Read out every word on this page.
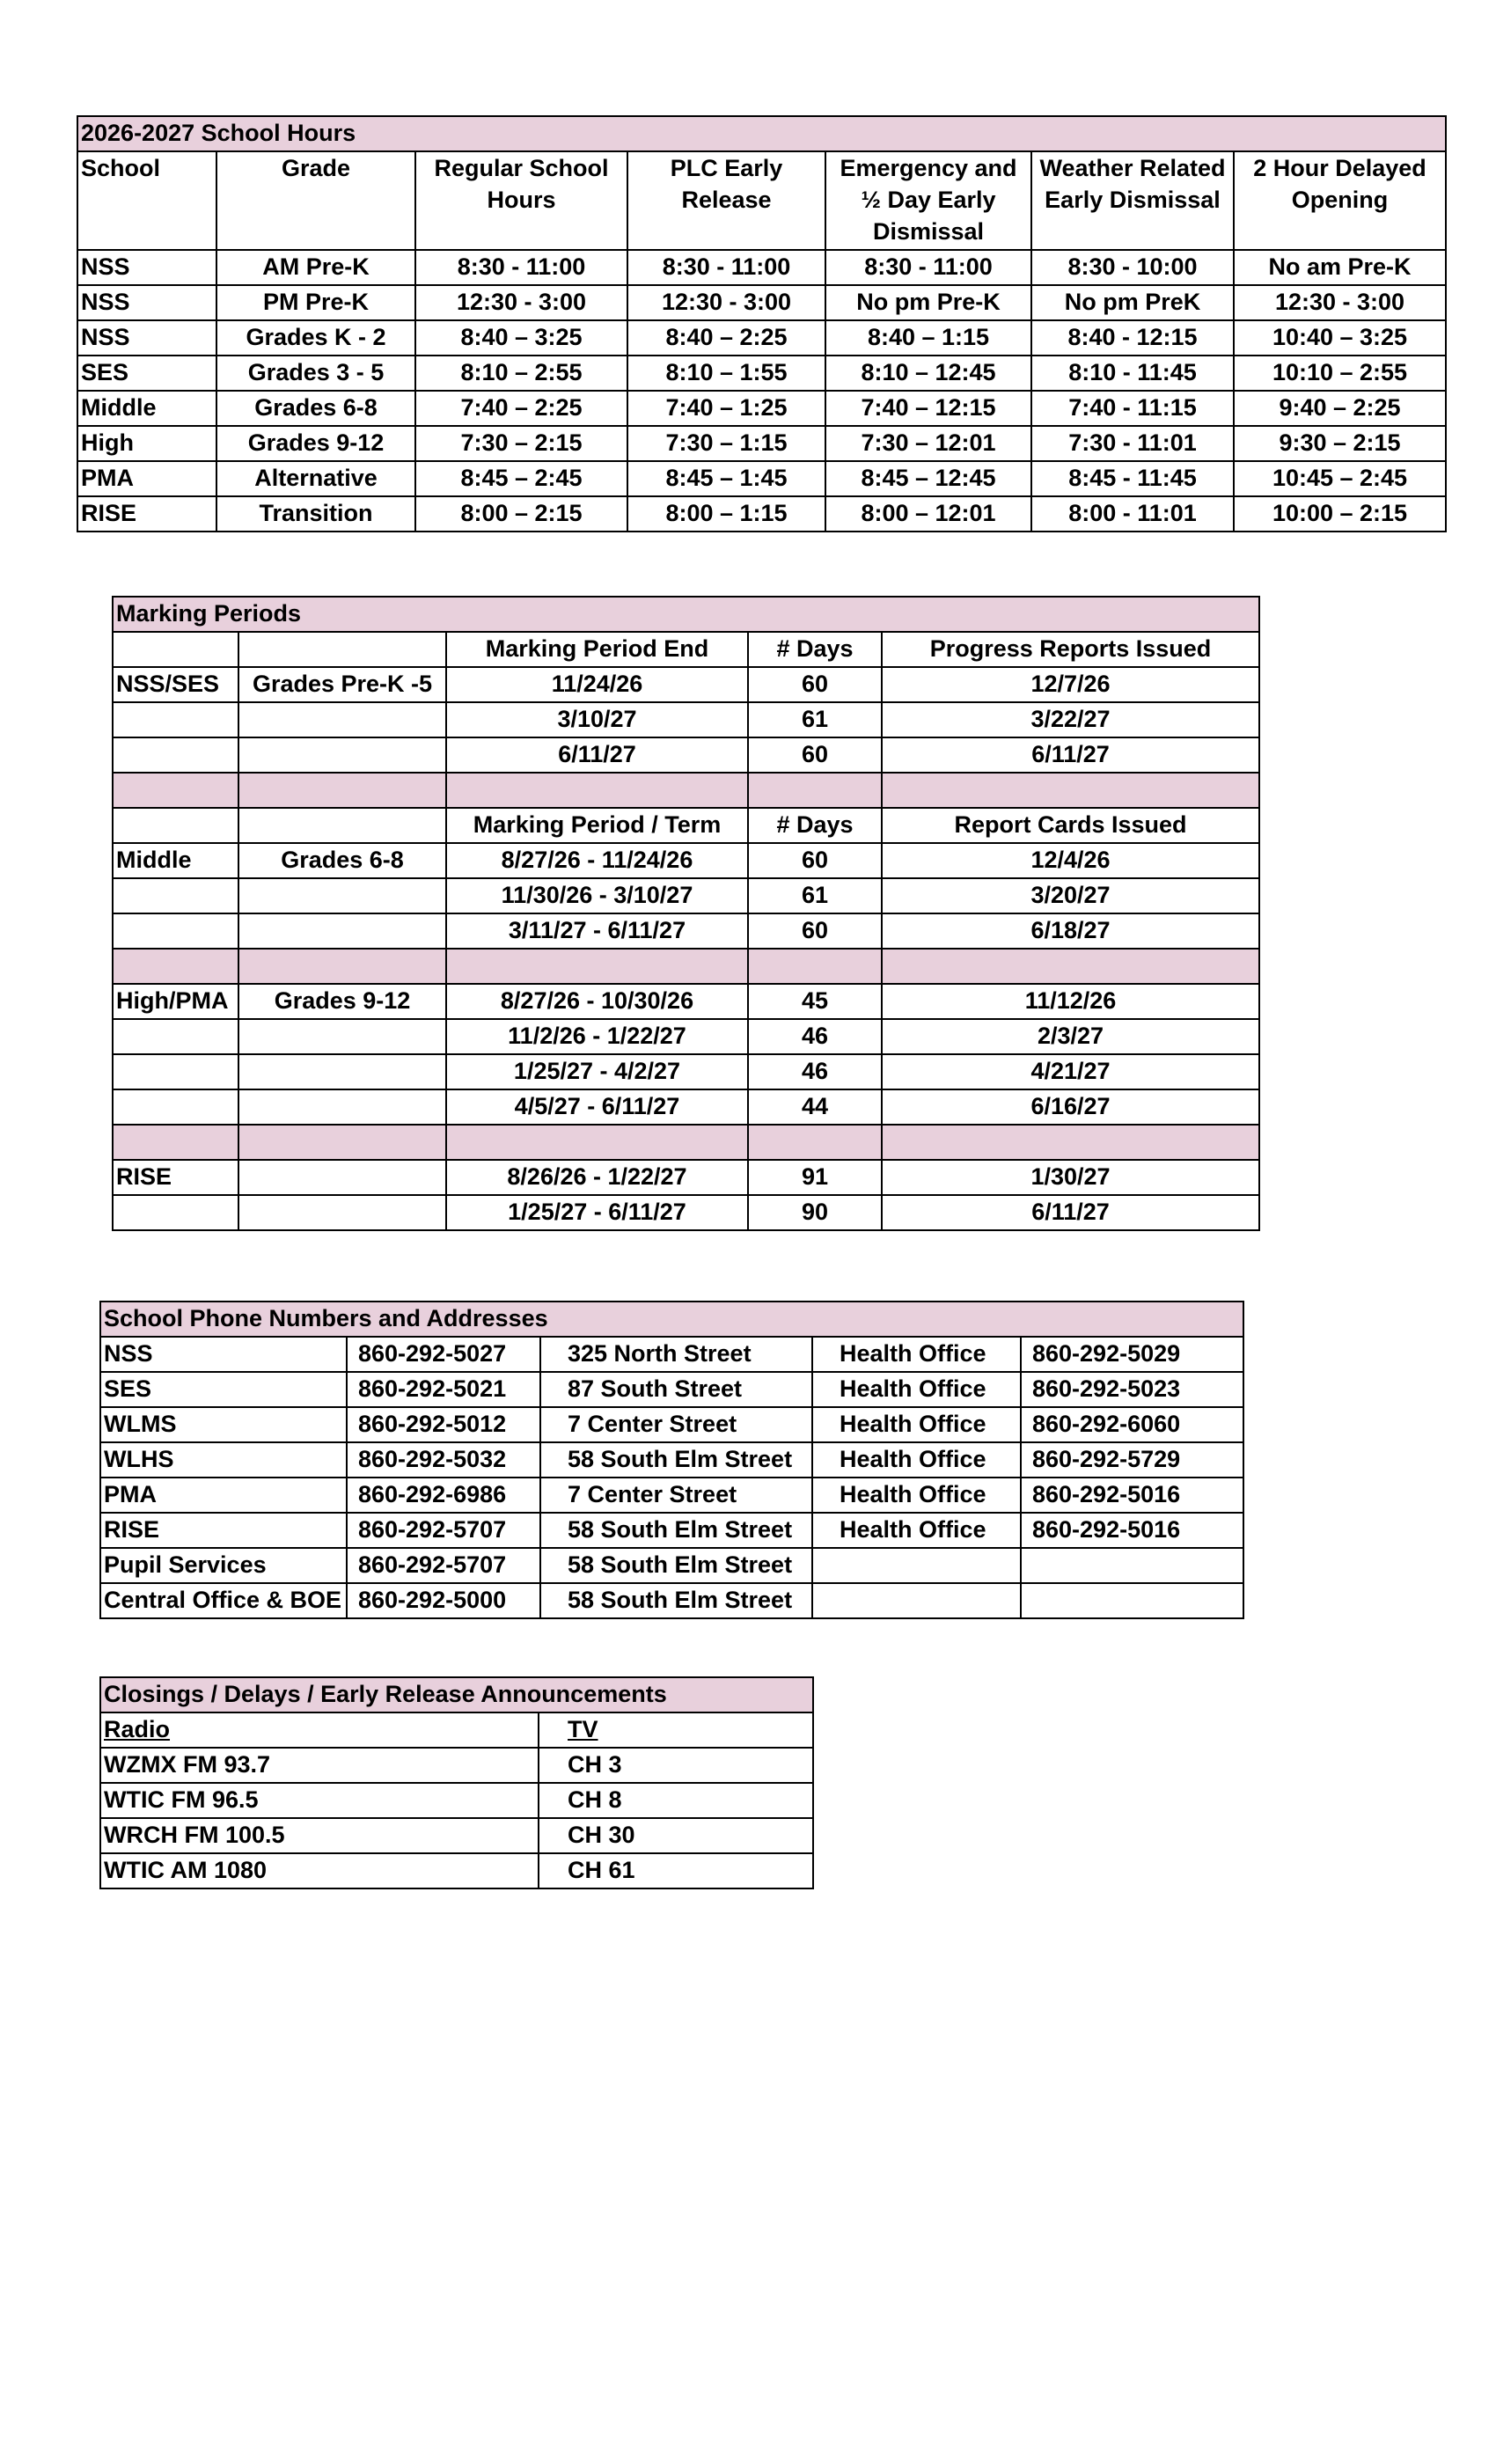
2026-2027 School Hours						
School	Grade	Regular School Hours	PLC Early Release	Emergency and ½ Day Early Dismissal	Weather Related Early Dismissal	2 Hour Delayed Opening
NSS	AM Pre-K	8:30 - 11:00	8:30 - 11:00	8:30 - 11:00	8:30 - 10:00	No am Pre-K
NSS	PM Pre-K	12:30 - 3:00	12:30 - 3:00	No pm Pre-K	No pm PreK	12:30 - 3:00
NSS	Grades K - 2	8:40 – 3:25	8:40 – 2:25	8:40 – 1:15	8:40 - 12:15	10:40 – 3:25
SES	Grades 3 - 5	8:10 – 2:55	8:10 – 1:55	8:10 – 12:45	8:10 - 11:45	10:10 – 2:55
Middle	Grades 6-8	7:40 – 2:25	7:40 – 1:25	7:40 – 12:15	7:40 - 11:15	9:40 – 2:25
High	Grades 9-12	7:30 – 2:15	7:30 – 1:15	7:30 – 12:01	7:30 - 11:01	9:30 – 2:15
PMA	Alternative	8:45 – 2:45	8:45 – 1:45	8:45 – 12:45	8:45 - 11:45	10:45 – 2:45
RISE	Transition	8:00 – 2:15	8:00 – 1:15	8:00 – 12:01	8:00 - 11:01	10:00 – 2:15
Marking Periods				
		Marking Period End	# Days	Progress Reports Issued
NSS/SES	Grades Pre-K -5	11/24/26	60	12/7/26
		3/10/27	61	3/22/27
		6/11/27	60	6/11/27

		Marking Period / Term	# Days	Report Cards Issued
Middle	Grades 6-8	8/27/26 - 11/24/26	60	12/4/26
		11/30/26 - 3/10/27	61	3/20/27
		3/11/27 - 6/11/27	60	6/18/27

High/PMA	Grades 9-12	8/27/26 - 10/30/26	45	11/12/26
		11/2/26 - 1/22/27	46	2/3/27
		1/25/27 - 4/2/27	46	4/21/27
		4/5/27 - 6/11/27	44	6/16/27

RISE		8/26/26 - 1/22/27	91	1/30/27
		1/25/27 - 6/11/27	90	6/11/27
School Phone Numbers and Addresses				
NSS	860-292-5027	325 North Street	Health Office	860-292-5029
SES	860-292-5021	87 South Street	Health Office	860-292-5023
WLMS	860-292-5012	7 Center Street	Health Office	860-292-6060
WLHS	860-292-5032	58 South Elm Street	Health Office	860-292-5729
PMA	860-292-6986	7 Center Street	Health Office	860-292-5016
RISE	860-292-5707	58 South Elm Street	Health Office	860-292-5016
Pupil Services	860-292-5707	58 South Elm Street		
Central Office & BOE	860-292-5000	58 South Elm Street		
Closings / Delays / Early Release Announcements	
Radio	TV
WZMX FM 93.7	CH 3
WTIC FM 96.5	CH 8
WRCH FM 100.5	CH 30
WTIC AM 1080	CH 61
